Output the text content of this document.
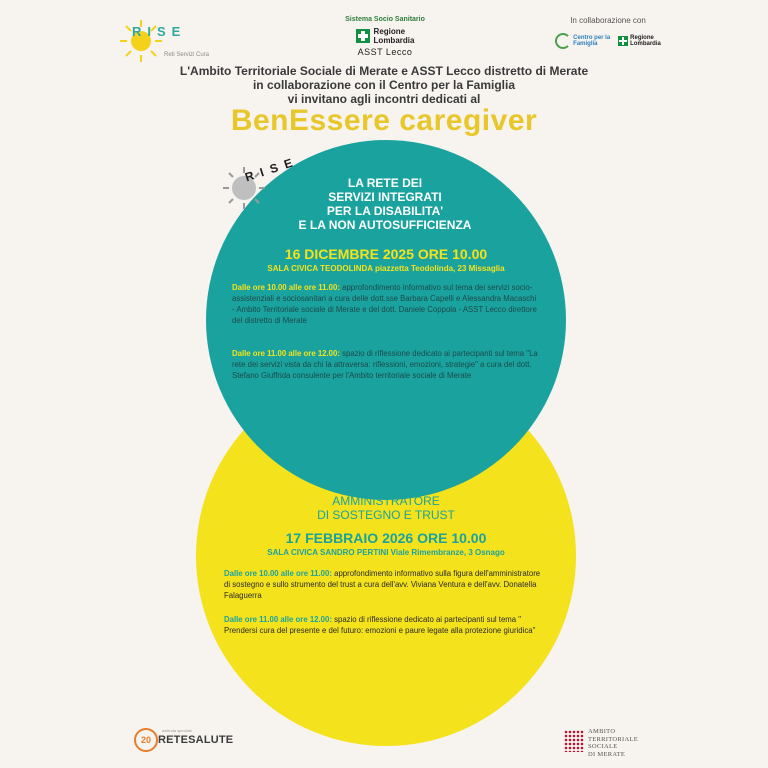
RISE
Reti Servizi Cura
Sistema Socio Sanitario
Regione
Lombardia
ASST Lecco
In collaborazione con
Centro per la
Famiglia
Regione
Lombardia
L'Ambito Territoriale Sociale di Merate e ASST Lecco distretto di Merate
in collaborazione con il Centro per la Famiglia
vi invitano agli incontri dedicati al
BenEssere caregiver
RISE	LA RETE DEI
SERVIZI INTEGRATI
PER LA DISABILITA'
E LA NON AUTOSUFFICIENZA
16 DICEMBRE 2025 ORE 10.00
SALA CIVICA TEODOLINDA piazzetta Teodolinda, 23 Missaglia
Dalle ore 10.00 alle ore 11.00: approfondimento informativo sul tema dei servizi socio-assistenziali e sociosanitari a cura delle dott.sse Barbara Capelli e Alessandra Macaschi - Ambito Territoriale sociale di Merate e del dott. Daniele Coppola - ASST Lecco direttore del distretto di Merate
Dalle ore 11.00 alle ore 12.00: spazio di riflessione dedicato ai partecipanti sul tema "La rete dei servizi vista da chi la attraversa: riflessioni, emozioni, strategie" a cura del dott. Stefano Giuffrida consulente per l'Ambito territoriale sociale di Merate
AMMINISTRATORE
DI SOSTEGNO E TRUST
17 FEBBRAIO 2026 ORE 10.00
SALA CIVICA SANDRO PERTINI Viale Rimembranze, 3 Osnago
Dalle ore 10.00 alle ore 11.00: approfondimento informativo sulla figura dell'amministratore di sostegno e sullo strumento del trust a cura dell'avv. Viviana Ventura e dell'avv. Donatella Falaguerra
Dalle ore 11.00 alle ore 12.00: spazio di riflessione dedicato ai partecipanti sul tema " Prendersi cura del presente e del futuro: emozioni e paure legate alla protezione giuridica"
20
azienda speciale
RETESALUTE
AMBITO
TERRITORIALE
SOCIALE
DI MERATE
